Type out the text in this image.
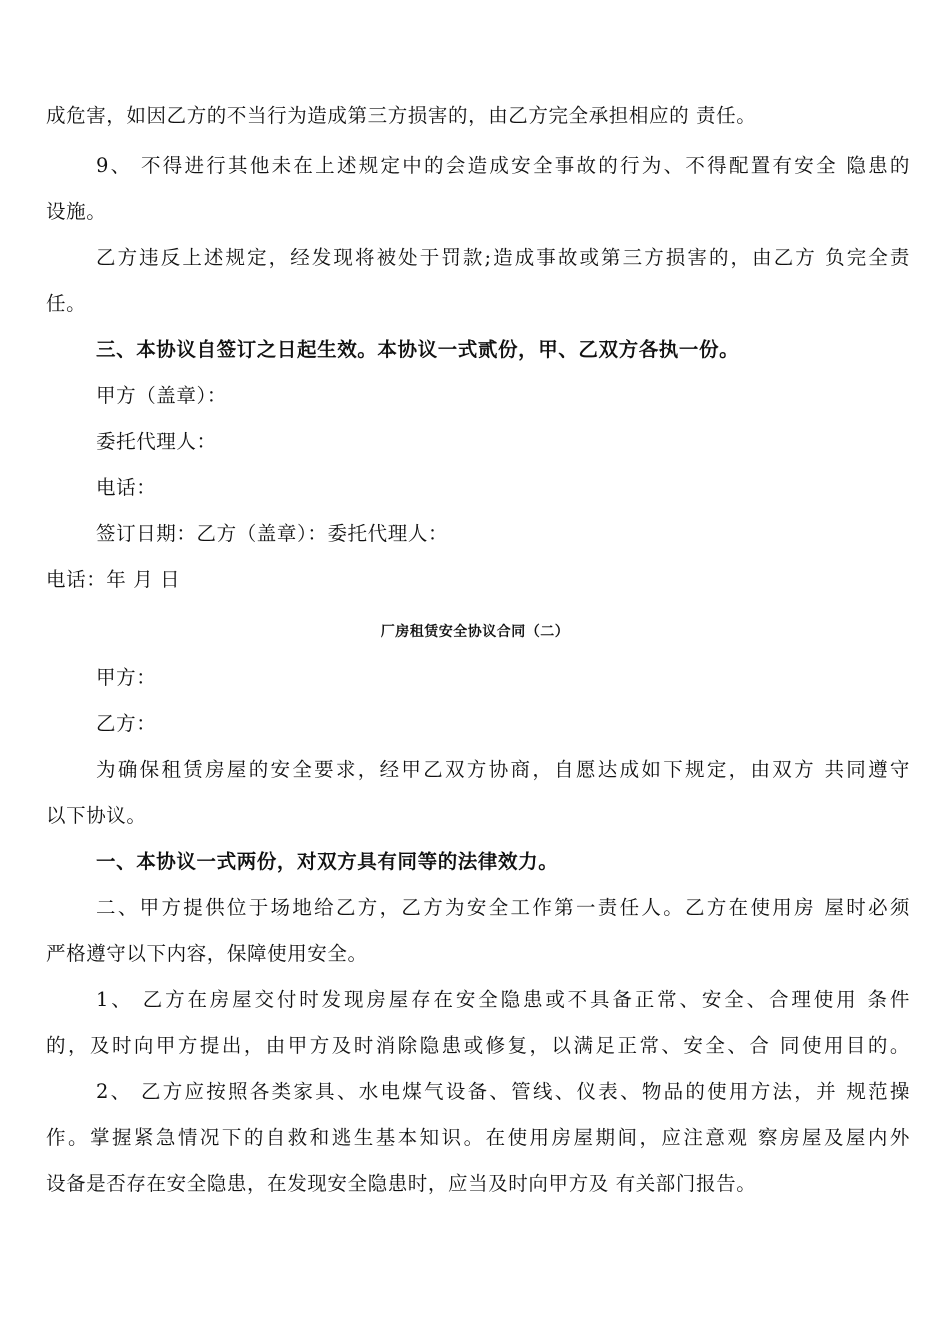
成危害，如因乙方的不当行为造成第三方损害的，由乙方完全承担相应的 责任。
9、 不得进行其他未在上述规定中的会造成安全事故的行为、不得配置有安全 隐患的
设施。
乙方违反上述规定，经发现将被处于罚款;造成事故或第三方损害的，由乙方 负完全责
任。
三、本协议自签订之日起生效。本协议一式贰份，甲、乙双方各执一份。
甲方（盖章）：
委托代理人：
电话：
签订日期：乙方（盖章）：委托代理人：
电话：年 月 日
厂房租赁安全协议合同（二）
甲方：
乙方：
为确保租赁房屋的安全要求，经甲乙双方协商，自愿达成如下规定，由双方 共同遵守
以下协议。
一、本协议一式两份，对双方具有同等的法律效力。
二、甲方提供位于场地给乙方，乙方为安全工作第一责任人。乙方在使用房 屋时必须
严格遵守以下内容，保障使用安全。
1、 乙方在房屋交付时发现房屋存在安全隐患或不具备正常、安全、合理使用 条件
的，及时向甲方提出，由甲方及时消除隐患或修复，以满足正常、安全、合 同使用目的。
2、 乙方应按照各类家具、水电煤气设备、管线、仪表、物品的使用方法，并 规范操
作。掌握紧急情况下的自救和逃生基本知识。在使用房屋期间，应注意观 察房屋及屋内外
设备是否存在安全隐患，在发现安全隐患时，应当及时向甲方及 有关部门报告。
